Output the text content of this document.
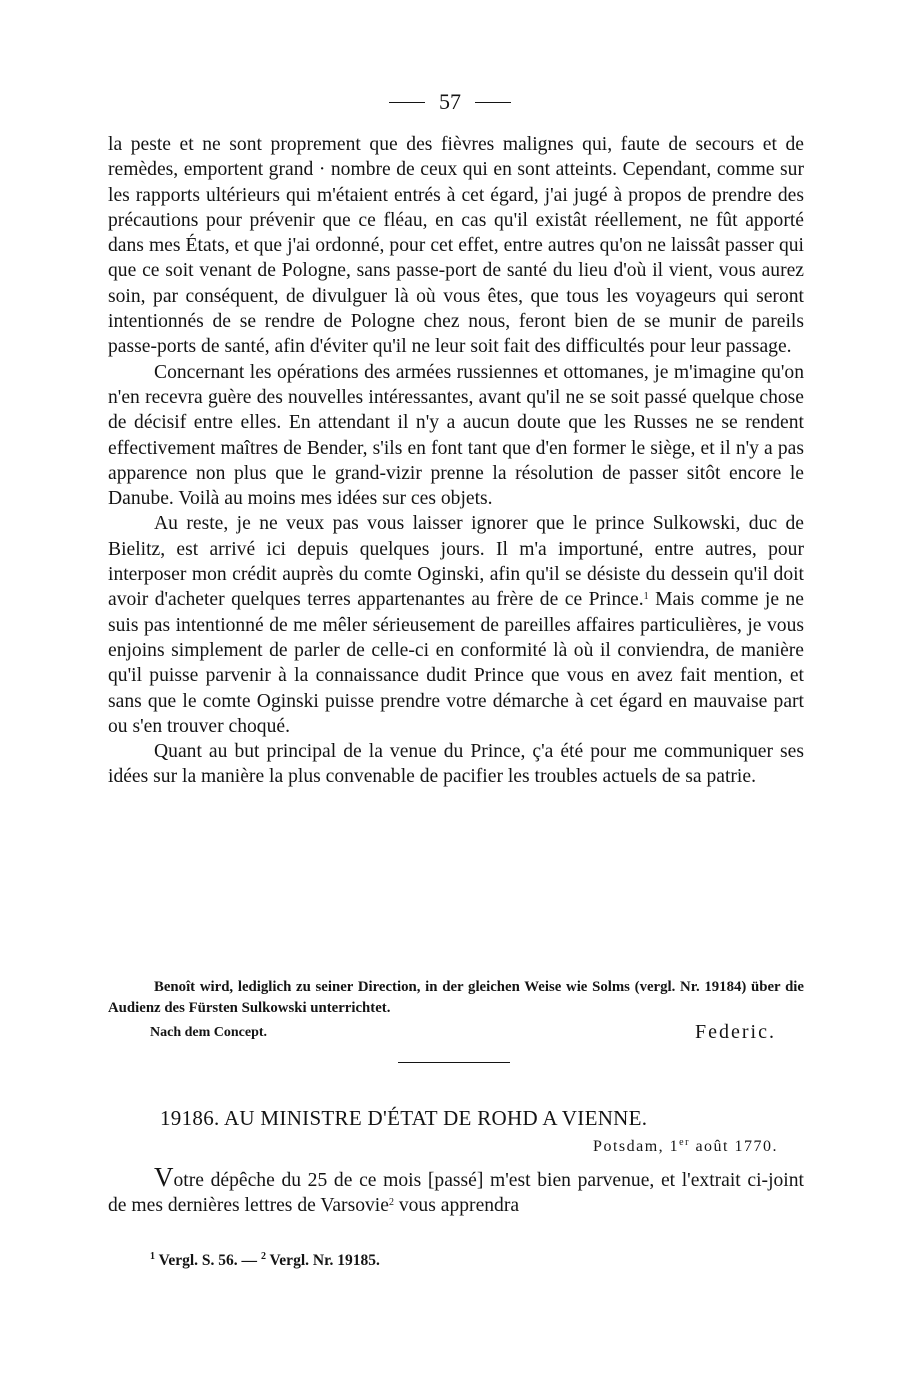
57

la peste et ne sont proprement que des fièvres malignes qui, faute de secours et de remèdes, emportent grand · nombre de ceux qui en sont atteints. Cependant, comme sur les rapports ultérieurs qui m'étaient entrés à cet égard, j'ai jugé à propos de prendre des précautions pour prévenir que ce fléau, en cas qu'il existât réellement, ne fût apporté dans mes États, et que j'ai ordonné, pour cet effet, entre autres qu'on ne laissât passer qui que ce soit venant de Pologne, sans passe-port de santé du lieu d'où il vient, vous aurez soin, par conséquent, de divulguer là où vous êtes, que tous les voyageurs qui seront intentionnés de se rendre de Pologne chez nous, feront bien de se munir de pareils passe-ports de santé, afin d'éviter qu'il ne leur soit fait des difficultés pour leur passage.

Concernant les opérations des armées russiennes et ottomanes, je m'imagine qu'on n'en recevra guère des nouvelles intéressantes, avant qu'il ne se soit passé quelque chose de décisif entre elles. En attendant il n'y a aucun doute que les Russes ne se rendent effectivement maîtres de Bender, s'ils en font tant que d'en former le siège, et il n'y a pas apparence non plus que le grand-vizir prenne la résolution de passer sitôt encore le Danube. Voilà au moins mes idées sur ces objets.

Au reste, je ne veux pas vous laisser ignorer que le prince Sulkowski, duc de Bielitz, est arrivé ici depuis quelques jours. Il m'a importuné, entre autres, pour interposer mon crédit auprès du comte Oginski, afin qu'il se désiste du dessein qu'il doit avoir d'acheter quelques terres appartenantes au frère de ce Prince.$^1$ Mais comme je ne suis pas intentionné de me mêler sérieusement de pareilles affaires particulières, je vous enjoins simplement de parler de celle-ci en conformité là où il conviendra, de manière qu'il puisse parvenir à la connaissance dudit Prince que vous en avez fait mention, et sans que le comte Oginski puisse prendre votre démarche à cet égard en mauvaise part ou s'en trouver choqué.

Quant au but principal de la venue du Prince, ç'a été pour me communiquer ses idées sur la manière la plus convenable de pacifier les troubles actuels de sa patrie.

Benoît wird, lediglich zu seiner Direction, in der gleichen Weise wie Solms (vergl. Nr. 19184) über die Audienz des Fürsten Sulkowski unterrichtet.
Nach dem Concept.	Federic.
19186. AU MINISTRE D'ÉTAT DE ROHD A VIENNE.
Potsdam, 1er août 1770.

Votre dépêche du 25 de ce mois [passé] m'est bien parvenue, et l'extrait ci-joint de mes dernières lettres de Varsovie$^2$ vous apprendra

$^1$ Vergl. S. 56. — $^2$ Vergl. Nr. 19185.
